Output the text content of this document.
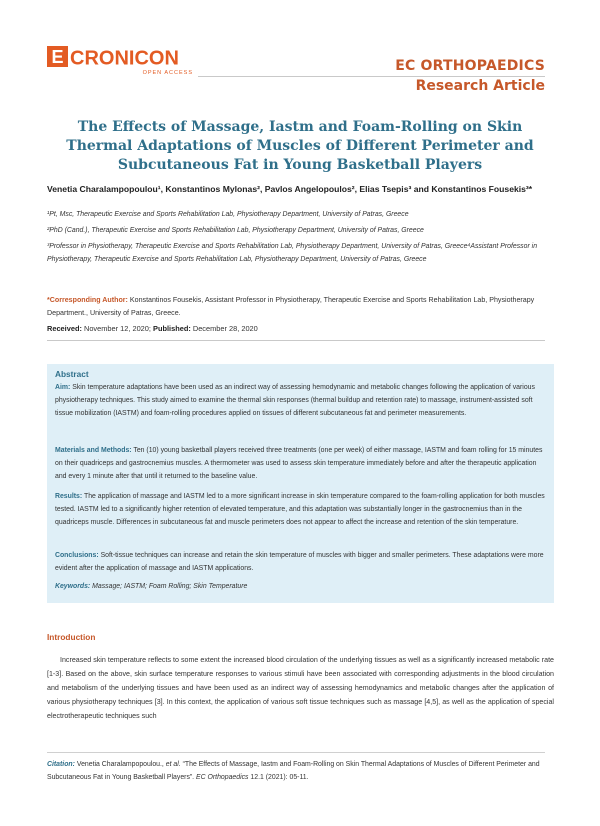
E CRONICON
OPEN ACCESS	EC ORTHOPAEDICS
Research Article
The Effects of Massage, Iastm and Foam-Rolling on Skin Thermal Adaptations of Muscles of Different Perimeter and Subcutaneous Fat in Young Basketball Players
Venetia Charalampopoulou¹, Konstantinos Mylonas², Pavlos Angelopoulos², Elias Tsepis³ and Konstantinos Fousekis³*
¹Pt, Msc, Therapeutic Exercise and Sports Rehabilitation Lab, Physiotherapy Department, University of Patras, Greece
²PhD (Cand.), Therapeutic Exercise and Sports Rehabilitation Lab, Physiotherapy Department, University of Patras, Greece
³Professor in Physiotherapy, Therapeutic Exercise and Sports Rehabilitation Lab, Physiotherapy Department, University of Patras, Greece⁴Assistant Professor in Physiotherapy, Therapeutic Exercise and Sports Rehabilitation Lab, Physiotherapy Department, University of Patras, Greece
*Corresponding Author: Konstantinos Fousekis, Assistant Professor in Physiotherapy, Therapeutic Exercise and Sports Rehabilitation Lab, Physiotherapy Department., University of Patras, Greece.
Received: November 12, 2020; Published: December 28, 2020
Abstract
Aim: Skin temperature adaptations have been used as an indirect way of assessing hemodynamic and metabolic changes following the application of various physiotherapy techniques. This study aimed to examine the thermal skin responses (thermal buildup and retention rate) to massage, instrument-assisted soft tissue mobilization (IASTM) and foam-rolling procedures applied on tissues of different subcutaneous fat and perimeter measurements.
Materials and Methods: Ten (10) young basketball players received three treatments (one per week) of either massage, IASTM and foam rolling for 15 minutes on their quadriceps and gastrocnemius muscles. A thermometer was used to assess skin temperature immediately before and after the therapeutic application and every 1 minute after that until it returned to the baseline value.
Results: The application of massage and IASTM led to a more significant increase in skin temperature compared to the foam-rolling application for both muscles tested. IASTM led to a significantly higher retention of elevated temperature, and this adaptation was substantially longer in the gastrocnemius than in the quadriceps muscle. Differences in subcutaneous fat and muscle perimeters does not appear to affect the increase and retention of the skin temperature.
Conclusions: Soft-tissue techniques can increase and retain the skin temperature of muscles with bigger and smaller perimeters. These adaptations were more evident after the application of massage and IASTM applications.
Keywords: Massage; IASTM; Foam Rolling; Skin Temperature
Introduction
Increased skin temperature reflects to some extent the increased blood circulation of the underlying tissues as well as a significantly increased metabolic rate [1-3]. Based on the above, skin surface temperature responses to various stimuli have been associated with corresponding adjustments in the blood circulation and metabolism of the underlying tissues and have been used as an indirect way of assessing hemodynamics and metabolic changes after the application of various physiotherapy techniques [3]. In this context, the application of various soft tissue techniques such as massage [4,5], as well as the application of special electrotherapeutic techniques such
Citation: Venetia Charalampopoulou., et al. “The Effects of Massage, Iastm and Foam-Rolling on Skin Thermal Adaptations of Muscles of Different Perimeter and Subcutaneous Fat in Young Basketball Players”. EC Orthopaedics 12.1 (2021): 05-11.
